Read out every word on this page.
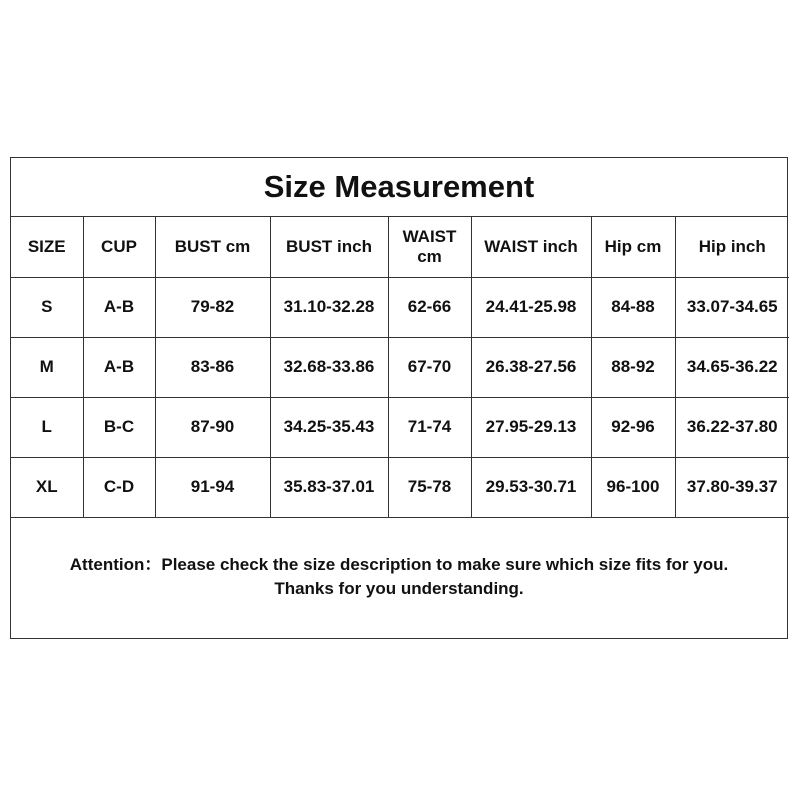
Size Measurement
SIZE	CUP	BUST cm	BUST inch	WAIST cm	WAIST inch	Hip cm	Hip inch
S	A-B	79-82	31.10-32.28	62-66	24.41-25.98	84-88	33.07-34.65
M	A-B	83-86	32.68-33.86	67-70	26.38-27.56	88-92	34.65-36.22
L	B-C	87-90	34.25-35.43	71-74	27.95-29.13	92-96	36.22-37.80
XL	C-D	91-94	35.83-37.01	75-78	29.53-30.71	96-100	37.80-39.37
Attention：Please check the size description to make sure which size fits for you.
Thanks for you understanding.
